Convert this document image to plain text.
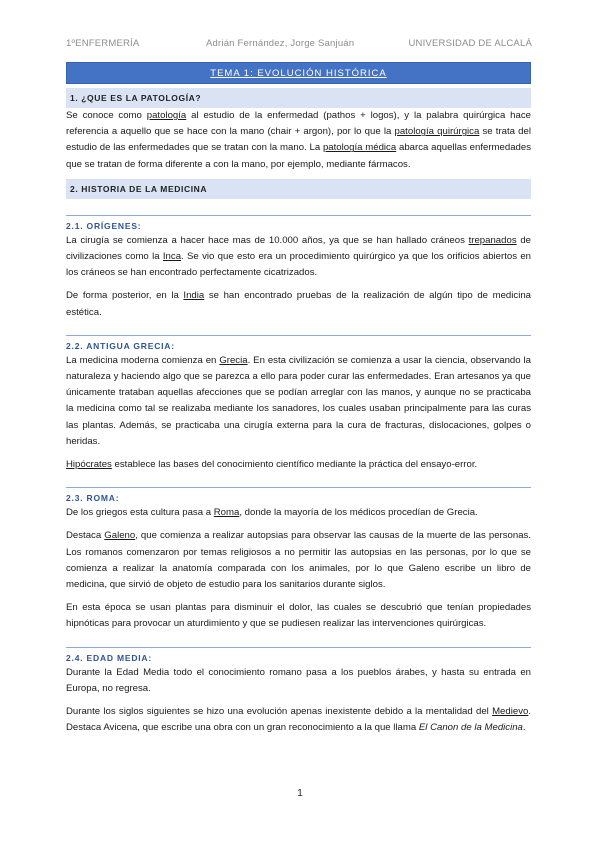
1ºENFERMERÍA	Adrián Fernández, Jorge Sanjuán	UNIVERSIDAD DE ALCALÁ
TEMA 1: EVOLUCIÓN HISTÓRICA
1. ¿QUE ES LA PATOLOGÍA?

Se conoce como patología al estudio de la enfermedad (pathos + logos), y la palabra quirúrgica hace referencia a aquello que se hace con la mano (chair + argon), por lo que la patología quirúrgica se trata del estudio de las enfermedades que se tratan con la mano. La patología médica abarca aquellas enfermedades que se tratan de forma diferente a con la mano, por ejemplo, mediante fármacos.

2. HISTORIA DE LA MEDICINA
2.1. ORÍGENES:

La cirugía se comienza a hacer hace mas de 10.000 años, ya que se han hallado cráneos trepanados de civilizaciones como la Inca. Se vio que esto era un procedimiento quirúrgico ya que los orificios abiertos en los cráneos se han encontrado perfectamente cicatrizados.

De forma posterior, en la India se han encontrado pruebas de la realización de algún tipo de medicina estética.

2.2. ANTIGUA GRECIA:

La medicina moderna comienza en Grecia. En esta civilización se comienza a usar la ciencia, observando la naturaleza y haciendo algo que se parezca a ello para poder curar las enfermedades. Eran artesanos ya que únicamente trataban aquellas afecciones que se podían arreglar con las manos, y aunque no se practicaba la medicina como tal se realizaba mediante los sanadores, los cuales usaban principalmente para las curas las plantas. Además, se practicaba una cirugía externa para la cura de fracturas, dislocaciones, golpes o heridas.

Hipócrates establece las bases del conocimiento científico mediante la práctica del ensayo-error.

2.3. ROMA:

De los griegos esta cultura pasa a Roma, donde la mayoría de los médicos procedían de Grecia.

Destaca Galeno, que comienza a realizar autopsias para observar las causas de la muerte de las personas. Los romanos comenzaron por temas religiosos a no permitir las autopsias en las personas, por lo que se comienza a realizar la anatomía comparada con los animales, por lo que Galeno escribe un libro de medicina, que sirvió de objeto de estudio para los sanitarios durante siglos.

En esta época se usan plantas para disminuir el dolor, las cuales se descubrió que tenían propiedades hipnóticas para provocar un aturdimiento y que se pudiesen realizar las intervenciones quirúrgicas.

2.4. EDAD MEDIA:

Durante la Edad Media todo el conocimiento romano pasa a los pueblos árabes, y hasta su entrada en Europa, no regresa.

Durante los siglos siguientes se hizo una evolución apenas inexistente debido a la mentalidad del Medievo. Destaca Avicena, que escribe una obra con un gran reconocimiento a la que llama El Canon de la Medicina.

1
